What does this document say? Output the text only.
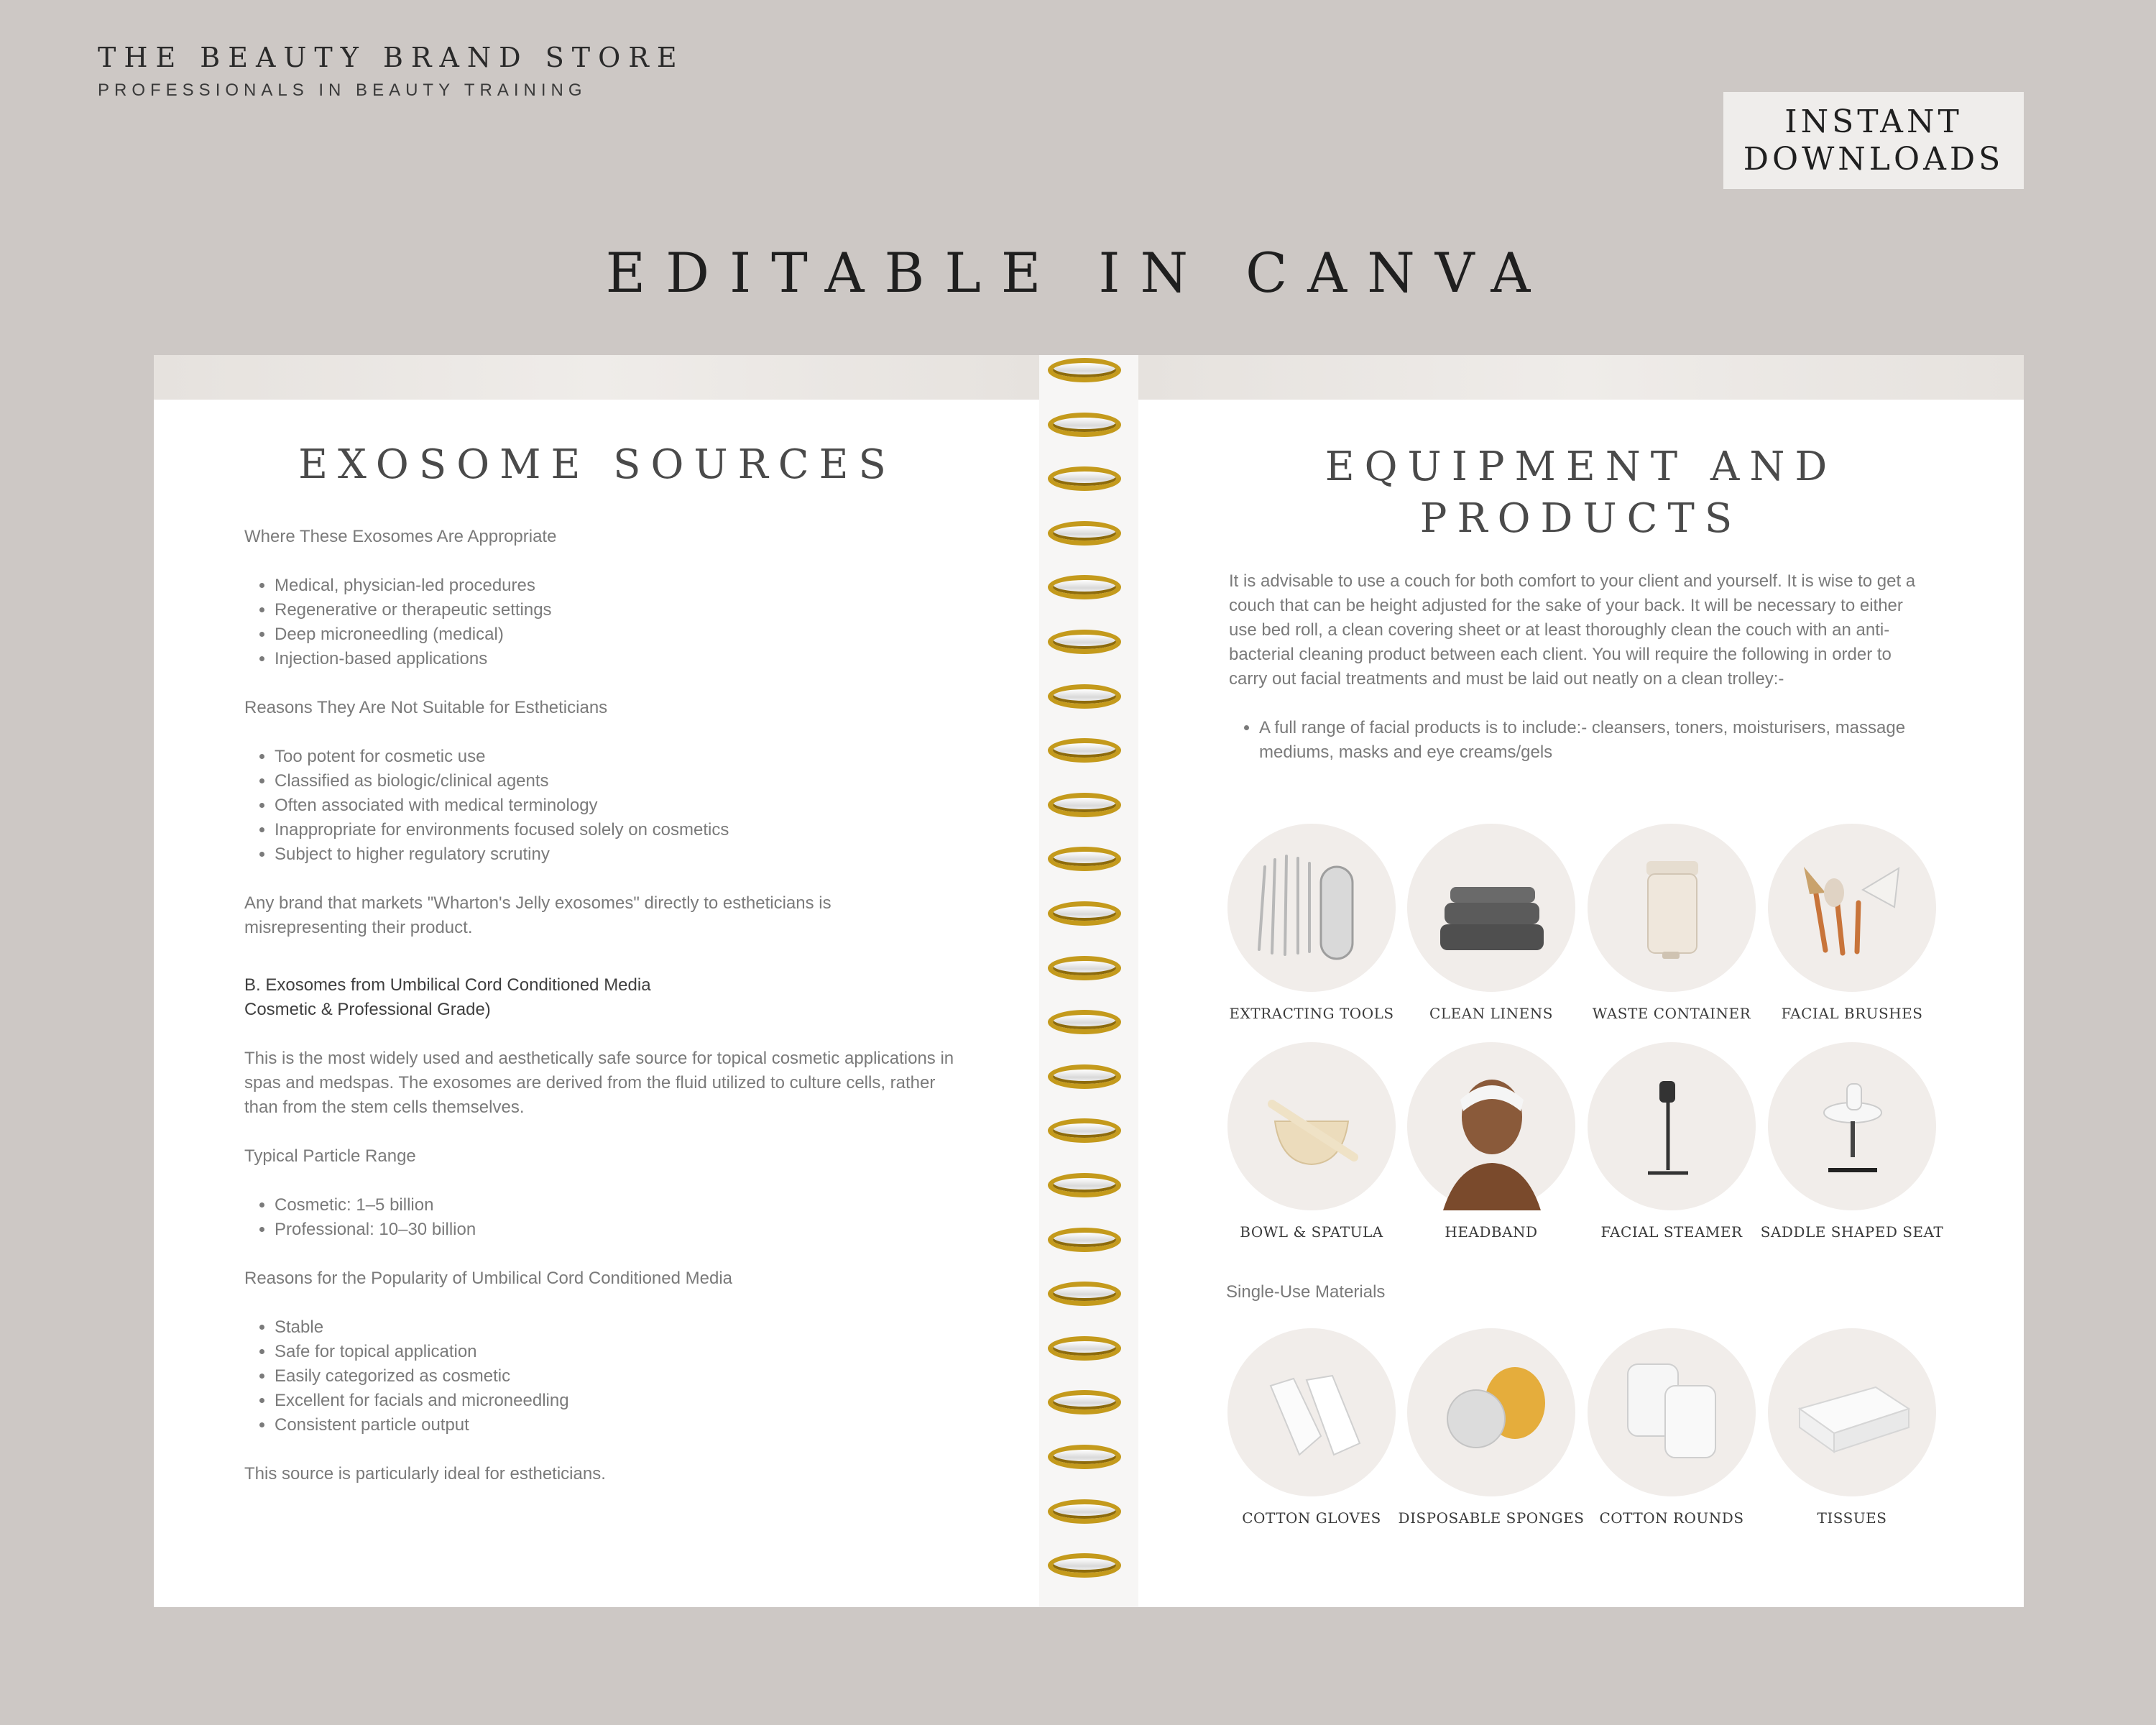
THE BEAUTY BRAND STORE
PROFESSIONALS IN BEAUTY TRAINING
INSTANT
DOWNLOADS
EDITABLE IN CANVA
EXOSOME SOURCES

Where These Exosomes Are Appropriate

• Medical, physician-led procedures
• Regenerative or therapeutic settings
• Deep microneedling (medical)
• Injection-based applications

Reasons They Are Not Suitable for Estheticians

• Too potent for cosmetic use
• Classified as biologic/clinical agents
• Often associated with medical terminology
• Inappropriate for environments focused solely on cosmetics
• Subject to higher regulatory scrutiny

Any brand that markets "Wharton's Jelly exosomes" directly to estheticians is misrepresenting their product.

B. Exosomes from Umbilical Cord Conditioned Media

Cosmetic & Professional Grade)

This is the most widely used and aesthetically safe source for topical cosmetic applications in spas and medspas. The exosomes are derived from the fluid utilized to culture cells, rather than from the stem cells themselves.

Typical Particle Range

• Cosmetic: 1–5 billion
• Professional: 10–30 billion

Reasons for the Popularity of Umbilical Cord Conditioned Media

• Stable
• Safe for topical application
• Easily categorized as cosmetic
• Excellent for facials and microneedling
• Consistent particle output

This source is particularly ideal for estheticians.

EQUIPMENT AND
PRODUCTS

It is advisable to use a couch for both comfort to your client and yourself. It is wise to get a couch that can be height adjusted for the sake of your back. It will be necessary to either use bed roll, a clean covering sheet or at least thoroughly clean the couch with an anti-bacterial cleaning product between each client. You will require the following in order to carry out facial treatments and must be laid out neatly on a clean trolley:-

• A full range of facial products is to include:- cleansers, toners, moisturisers, massage mediums, masks and eye creams/gels
EXTRACTING TOOLS	CLEAN LINENS	WASTE CONTAINER	FACIAL BRUSHES
BOWL & SPATULA	HEADBAND	FACIAL STEAMER	SADDLE SHAPED SEAT
Single-Use Materials
COTTON GLOVES	DISPOSABLE SPONGES	COTTON ROUNDS	TISSUES
